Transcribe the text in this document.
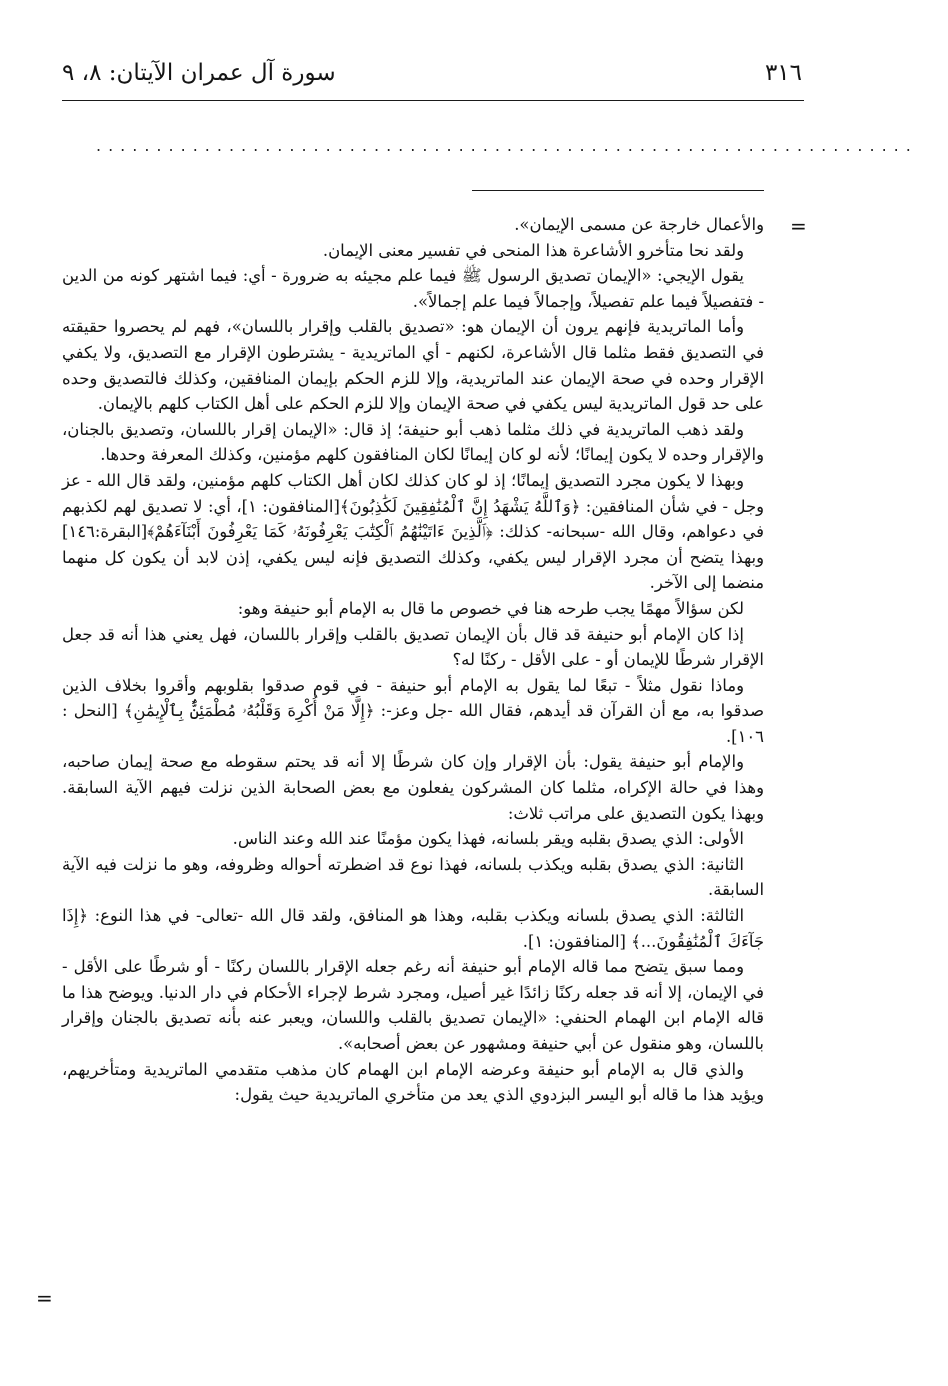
٣١٦
سورة آل عمران الآيتان: ٨، ٩
....................................................................
=

والأعمال خارجة عن مسمى الإيمان».

ولقد نحا متأخرو الأشاعرة هذا المنحى في تفسير معنى الإيمان.

يقول الإيجي: «الإيمان تصديق الرسول ﷺ فيما علم مجيئه به ضرورة - أي: فيما اشتهر كونه من الدين - فتفصيلاً فيما علم تفصيلاً، وإجمالاً فيما علم إجمالاً».

وأما الماتريدية فإنهم يرون أن الإيمان هو: «تصديق بالقلب وإقرار باللسان»، فهم لم يحصروا حقيقته في التصديق فقط مثلما قال الأشاعرة، لكنهم - أي الماتريدية - يشترطون الإقرار مع التصديق، ولا يكفي الإقرار وحده في صحة الإيمان عند الماتريدية، وإلا للزم الحكم بإيمان المنافقين، وكذلك فالتصديق وحده على حد قول الماتريدية ليس يكفي في صحة الإيمان وإلا للزم الحكم على أهل الكتاب كلهم بالإيمان.

ولقد ذهب الماتريدية في ذلك مثلما ذهب أبو حنيفة؛ إذ قال: «الإيمان إقرار باللسان، وتصديق بالجنان، والإقرار وحده لا يكون إيمانًا؛ لأنه لو كان إيمانًا لكان المنافقون كلهم مؤمنين، وكذلك المعرفة وحدها.

وبهذا لا يكون مجرد التصديق إيمانًا؛ إذ لو كان كذلك لكان أهل الكتاب كلهم مؤمنين، ولقد قال الله - عز وجل - في شأن المنافقين: ﴿وَٱللَّهُ يَشْهَدُ إِنَّ ٱلْمُنَٰفِقِينَ لَكَٰذِبُونَ﴾[المنافقون: ١]، أي: لا تصديق لهم لكذبهم في دعواهم، وقال الله -سبحانه- كذلك: ﴿ٱلَّذِينَ ءَاتَيْنَٰهُمُ ٱلْكِتَٰبَ يَعْرِفُونَهُۥ كَمَا يَعْرِفُونَ أَبْنَآءَهُمْ﴾[البقرة:١٤٦] وبهذا يتضح أن مجرد الإقرار ليس يكفي، وكذلك التصديق فإنه ليس يكفي، إذن لابد أن يكون كل منهما منضما إلى الآخر.

لكن سؤالاً مهمًا يجب طرحه هنا في خصوص ما قال به الإمام أبو حنيفة وهو:

إذا كان الإمام أبو حنيفة قد قال بأن الإيمان تصديق بالقلب وإقرار باللسان، فهل يعني هذا أنه قد جعل الإقرار شرطًا للإيمان أو - على الأقل - ركنًا له؟

وماذا نقول مثلاً - تبعًا لما يقول به الإمام أبو حنيفة - في قوم صدقوا بقلوبهم وأقروا بخلاف الذين صدقوا به، مع أن القرآن قد أيدهم، فقال الله -جل وعز-: ﴿إِلَّا مَنْ أُكْرِهَ وَقَلْبُهُۥ مُطْمَئِنٌّۢ بِٱلْإِيمَٰنِ﴾ [النحل : ١٠٦].

والإمام أبو حنيفة يقول: بأن الإقرار وإن كان شرطًا إلا أنه قد يحتم سقوطه مع صحة إيمان صاحبه، وهذا في حالة الإكراه، مثلما كان المشركون يفعلون مع بعض الصحابة الذين نزلت فيهم الآية السابقة. وبهذا يكون التصديق على مراتب ثلاث:

الأولى: الذي يصدق بقلبه ويقر بلسانه، فهذا يكون مؤمنًا عند الله وعند الناس.

الثانية: الذي يصدق بقلبه ويكذب بلسانه، فهذا نوع قد اضطرته أحواله وظروفه، وهو ما نزلت فيه الآية السابقة.

الثالثة: الذي يصدق بلسانه ويكذب بقلبه، وهذا هو المنافق، ولقد قال الله -تعالى- في هذا النوع: ﴿إِذَا جَآءَكَ ٱلْمُنَٰفِقُونَ...﴾ [المنافقون: ١].

ومما سبق يتضح مما قاله الإمام أبو حنيفة أنه رغم جعله الإقرار باللسان ركنًا - أو شرطًا على الأقل - في الإيمان، إلا أنه قد جعله ركنًا زائدًا غير أصيل، ومجرد شرط لإجراء الأحكام في دار الدنيا. ويوضح هذا ما قاله الإمام ابن الهمام الحنفي: «الإيمان تصديق بالقلب واللسان، ويعبر عنه بأنه تصديق بالجنان وإقرار باللسان، وهو منقول عن أبي حنيفة ومشهور عن بعض أصحابه».

والذي قال به الإمام أبو حنيفة وعرضه الإمام ابن الهمام كان مذهب متقدمي الماتريدية ومتأخريهم، ويؤيد هذا ما قاله أبو اليسر البزدوي الذي يعد من متأخري الماتريدية حيث يقول:

=
